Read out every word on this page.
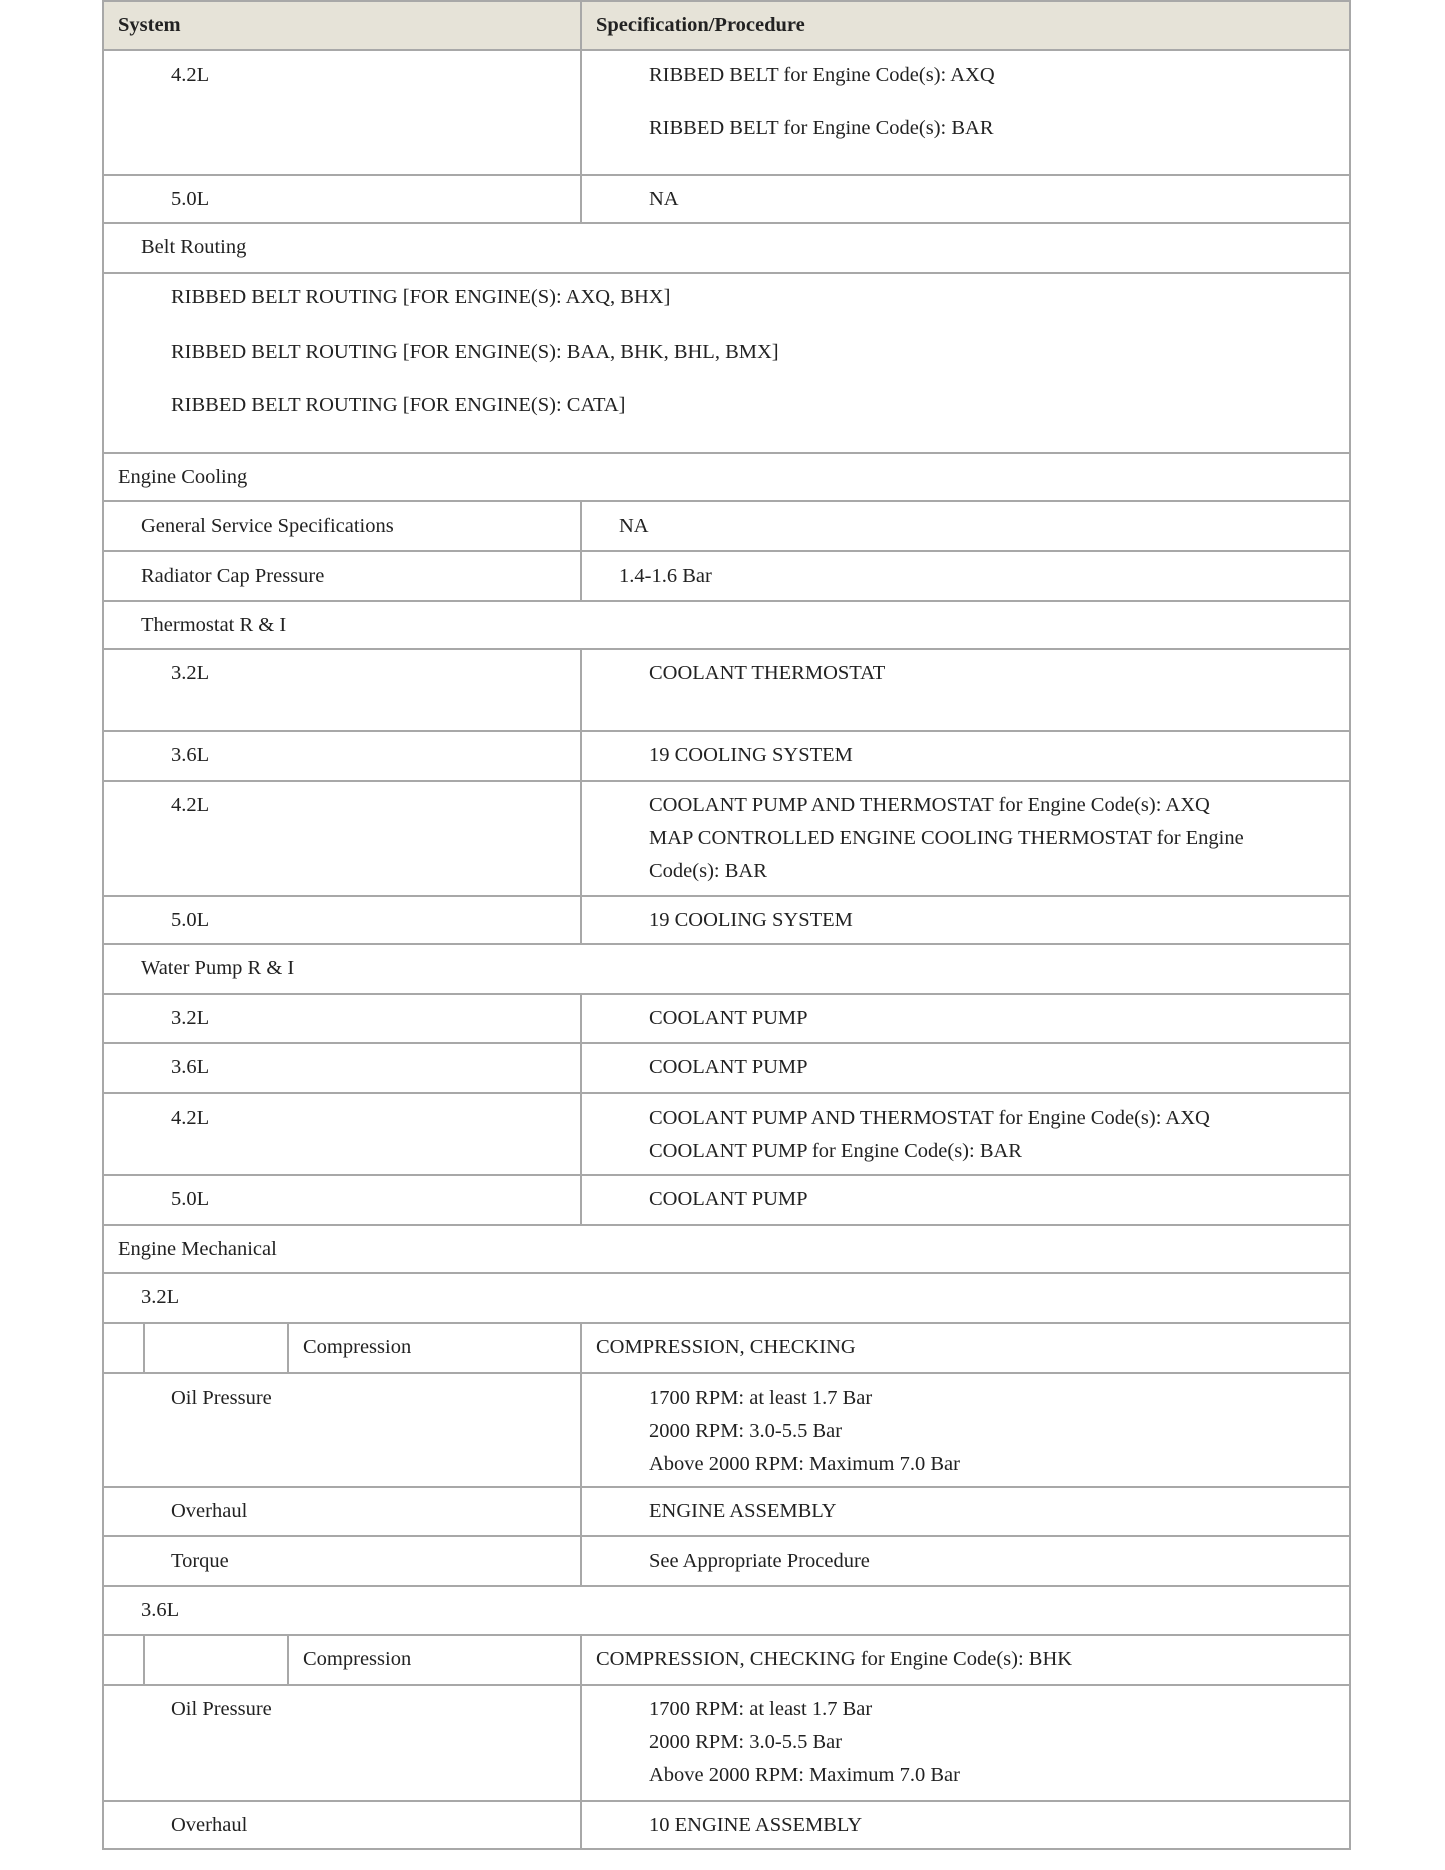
System	Specification/Procedure
4.2L	RIBBED BELT for Engine Code(s): AXQ
RIBBED BELT for Engine Code(s): BAR
5.0L	NA
Belt Routing
RIBBED BELT ROUTING [FOR ENGINE(S): AXQ, BHX]
RIBBED BELT ROUTING [FOR ENGINE(S): BAA, BHK, BHL, BMX]
RIBBED BELT ROUTING [FOR ENGINE(S): CATA]
Engine Cooling
General Service Specifications	NA
Radiator Cap Pressure	1.4-1.6 Bar
Thermostat R & I
3.2L	COOLANT THERMOSTAT
3.6L	19 COOLING SYSTEM
4.2L	COOLANT PUMP AND THERMOSTAT for Engine Code(s): AXQ
MAP CONTROLLED ENGINE COOLING THERMOSTAT for Engine
Code(s): BAR
5.0L	19 COOLING SYSTEM
Water Pump R & I
3.2L	COOLANT PUMP
3.6L	COOLANT PUMP
4.2L	COOLANT PUMP AND THERMOSTAT for Engine Code(s): AXQ
COOLANT PUMP for Engine Code(s): BAR
5.0L	COOLANT PUMP
Engine Mechanical
3.2L
Compression	COMPRESSION, CHECKING
Oil Pressure	1700 RPM: at least 1.7 Bar
2000 RPM: 3.0-5.5 Bar
Above 2000 RPM: Maximum 7.0 Bar
Overhaul	ENGINE ASSEMBLY
Torque	See Appropriate Procedure
3.6L
Compression	COMPRESSION, CHECKING for Engine Code(s): BHK
Oil Pressure	1700 RPM: at least 1.7 Bar
2000 RPM: 3.0-5.5 Bar
Above 2000 RPM: Maximum 7.0 Bar
Overhaul	10 ENGINE ASSEMBLY
